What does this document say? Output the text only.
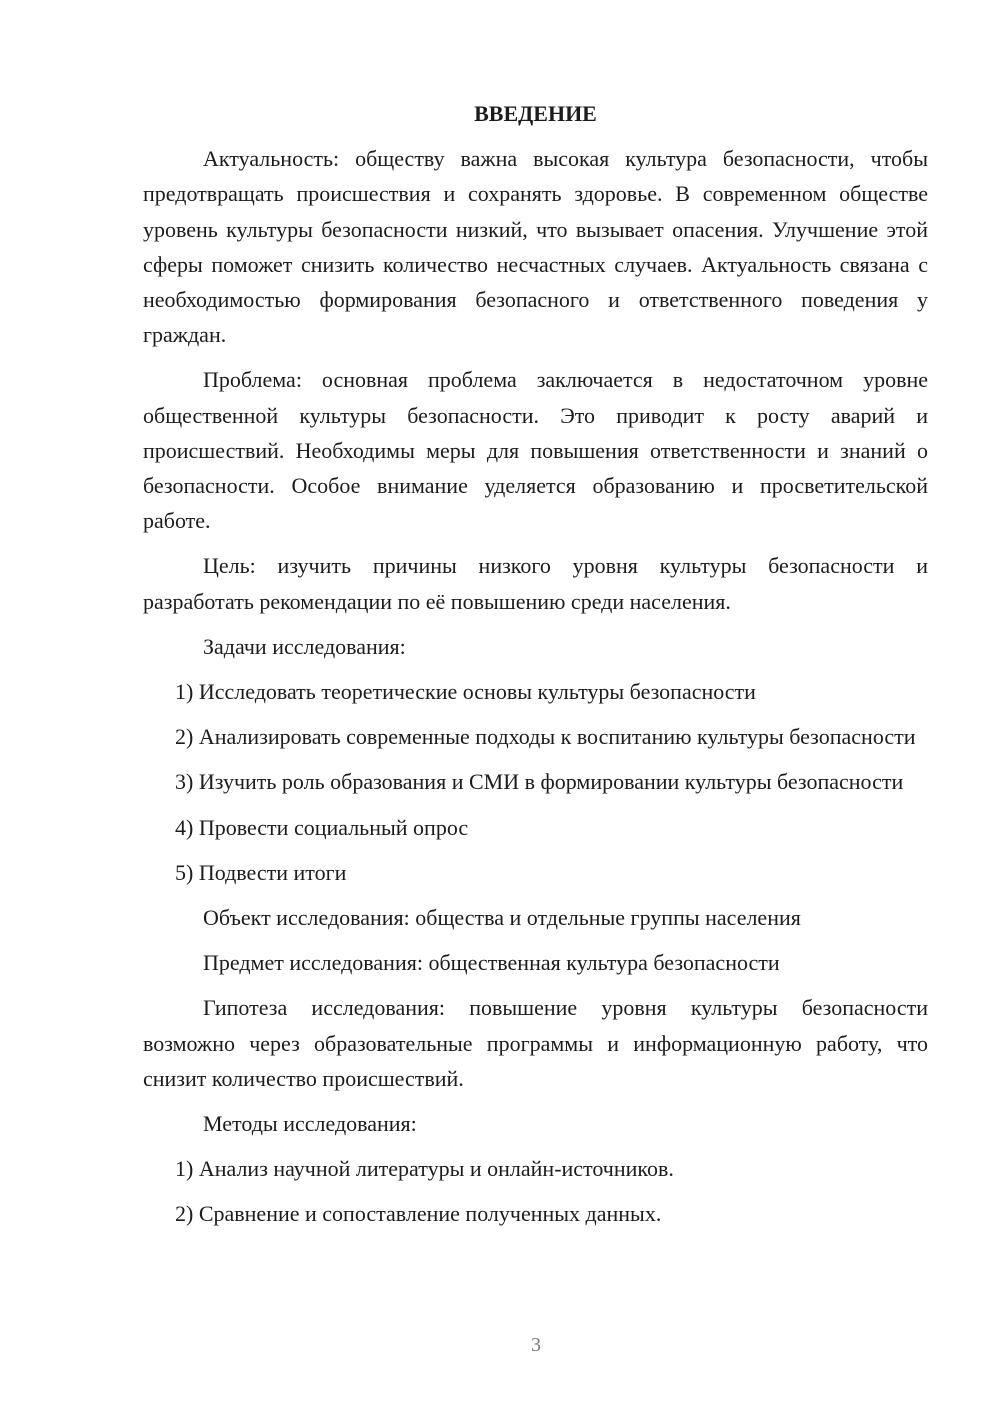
ВВЕДЕНИЕ

Актуальность: обществу важна высокая культура безопасности, чтобы предотвращать происшествия и сохранять здоровье. В современном обществе уровень культуры безопасности низкий, что вызывает опасения. Улучшение этой сферы поможет снизить количество несчастных случаев. Актуальность связана с необходимостью формирования безопасного и ответственного поведения у граждан.

Проблема: основная проблема заключается в недостаточном уровне общественной культуры безопасности. Это приводит к росту аварий и происшествий. Необходимы меры для повышения ответственности и знаний о безопасности. Особое внимание уделяется образованию и просветительской работе.

Цель: изучить причины низкого уровня культуры безопасности и разработать рекомендации по её повышению среди населения.

Задачи исследования:

1) Исследовать теоретические основы культуры безопасности

2) Анализировать современные подходы к воспитанию культуры безопасности

3) Изучить роль образования и СМИ в формировании культуры безопасности

4) Провести социальный опрос

5) Подвести итоги

Объект исследования: общества и отдельные группы населения

Предмет исследования: общественная культура безопасности

Гипотеза исследования: повышение уровня культуры безопасности возможно через образовательные программы и информационную работу, что снизит количество происшествий.

Методы исследования:

1) Анализ научной литературы и онлайн-источников.

2) Сравнение и сопоставление полученных данных.

3
